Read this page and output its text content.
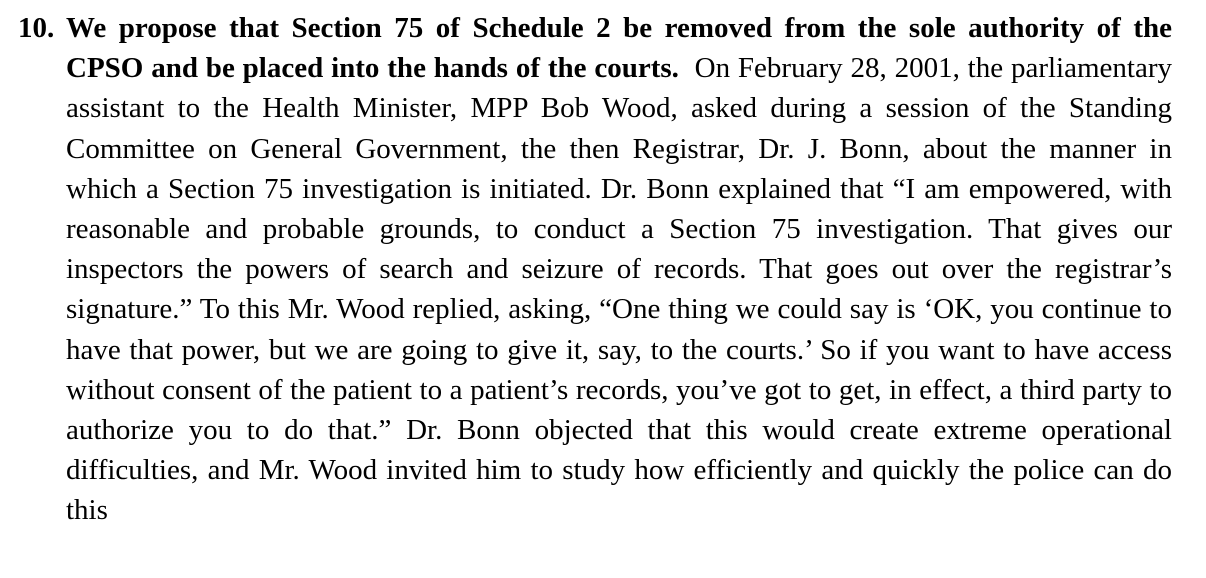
10. We propose that Section 75 of Schedule 2 be removed from the sole authority of the CPSO and be placed into the hands of the courts. On February 28, 2001, the parliamentary assistant to the Health Minister, MPP Bob Wood, asked during a session of the Standing Committee on General Government, the then Registrar, Dr. J. Bonn, about the manner in which a Section 75 investigation is initiated. Dr. Bonn explained that “I am empowered, with reasonable and probable grounds, to conduct a Section 75 investigation. That gives our inspectors the powers of search and seizure of records. That goes out over the registrar’s signature.” To this Mr. Wood replied, asking, “One thing we could say is ‘OK, you continue to have that power, but we are going to give it, say, to the courts.’ So if you want to have access without consent of the patient to a patient’s records, you’ve got to get, in effect, a third party to authorize you to do that.” Dr. Bonn objected that this would create extreme operational difficulties, and Mr. Wood invited him to study how efficiently and quickly the police can do this
